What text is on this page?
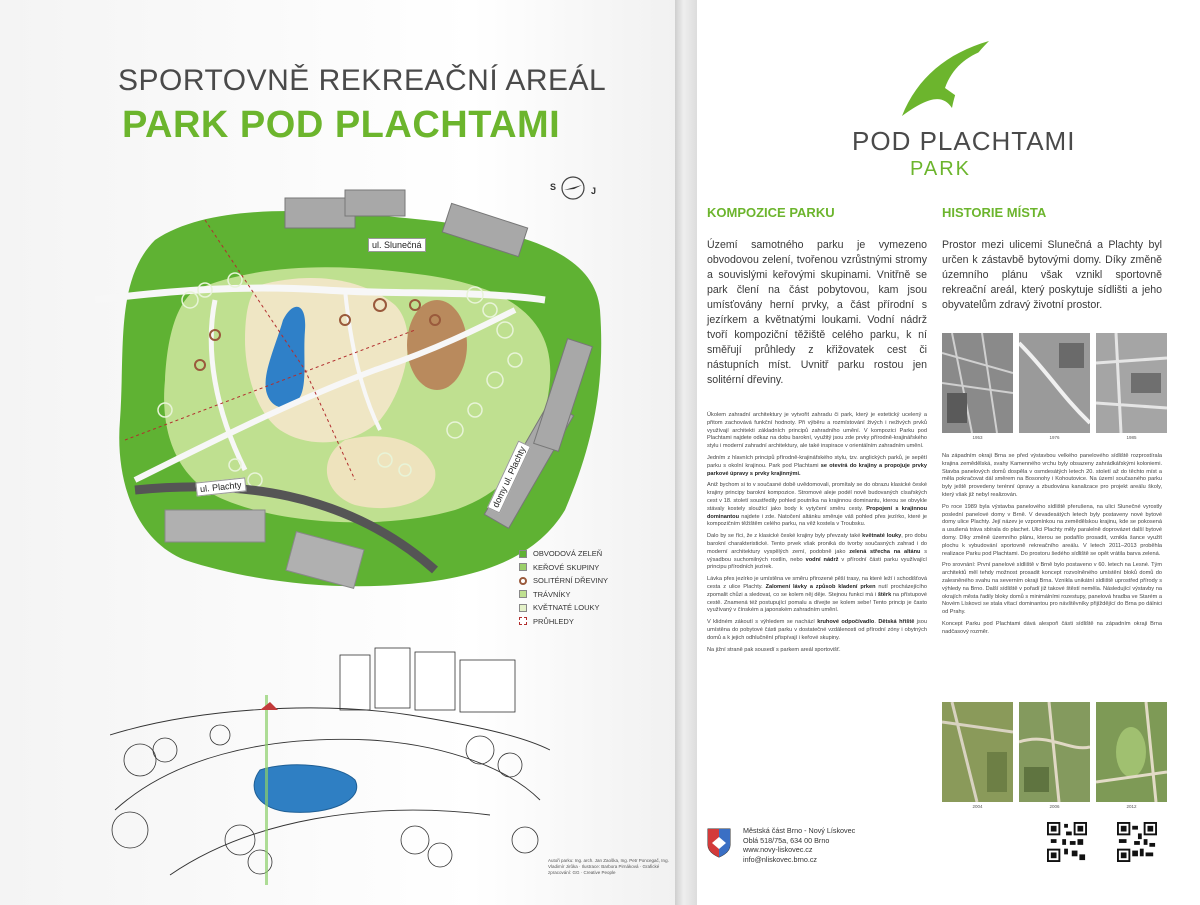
SPORTOVNĚ REKREAČNÍ AREÁL
PARK POD PLACHTAMI
S	J
ul. Slunečná
ul. Plachty	domy ul. Plachty
OBVODOVÁ ZELEŇ
KEŘOVÉ SKUPINY
SOLITÉRNÍ DŘEVINY
TRÁVNÍKY
KVĚTNATÉ LOUKY
PRŮHLEDY
Autoři parku: Ing. arch. Jan Zaoška, Ing. Petr Poncegač, Ing. Vladimír Jirůka · Ilustrace: Barbora Pirnáková · Grafické zpracování: GG · Creative People
POD PLACHTAMI
PARK
KOMPOZICE PARKU	HISTORIE MÍSTA
Území samotného parku je vymezeno obvodovou zelení, tvořenou vzrůstnými stromy a souvislými keřovými skupinami. Vnitřně se park člení na část pobytovou, kam jsou umísťovány herní prvky, a část přírodní s jezírkem a květnatými loukami. Vodní nádrž tvoří kompoziční těžiště celého parku, k ní směřují průhledy z křižovatek cest či nástupních míst. Uvnitř parku rostou jen solitérní dřeviny.
Prostor mezi ulicemi Slunečná a Plachty byl určen k zástavbě bytovými domy. Díky změně územního plánu však vznikl sportovně rekreační areál, který poskytuje sídlišti a jeho obyvatelům zdravý životní prostor.

Úkolem zahradní architektury je vytvořit zahradu či park, který je estetický ucelený a přitom zachovává funkční hodnoty. Při výběru a rozmístování živých i neživých prvků využívají architekti základních principů zahradního umění. V kompozici Parku pod Plachtami najdete odkaz na dobu barokní, využitý jsou zde prvky přírodně-krajinářského stylu i moderní zahradní architektury, ale také inspirace v orientálním zahradním umění.

Jedním z hlavních principů přírodně-krajinářského stylu, tzv. anglických parků, je sepětí parku s okolní krajinou. Park pod Plachtami se otevírá do krajiny a propojuje prvky parkové úpravy s prvky krajinnými.

Aniž bychom si to v současné době uvědomovali, promítaly se do obrazu klasické české krajiny principy barokní kompozice. Stromové aleje podél nově budovaných císařských cest v 18. století soustředily pohled poutníka na krajinnou dominantu, kterou se obvykle stávaly kostely sloužící jako body k vytyčení směru cesty. Propojení s krajinnou dominantou najdete i zde. Natočení altánku směruje váš pohled přes jezírko, které je kompozičním těžištěm celého parku, na věž kostela v Troubsku.

Dalo by se říci, že z klasické české krajiny byly převzaty také květnaté louky, pro dobu barokní charakteristické. Tento prvek však proniká do tvorby současných zahrad i do moderní architektury vyspělých zemí, podobně jako zelená střecha na altánu s výsadbou suchomilných rostlin, nebo vodní nádrž v přírodní části parku využívající principu přírodních jezírek.

Lávka přes jezírko je umístěna ve směru přirozené pěší trasy, na které leží i schodišťová cesta z ulice Plachty. Zalomení lávky a způsob kladení prken nutí procházejícího zpomalit chůzi a sledovat, co se kolem něj děje. Stejnou funkci má i štěrk na přístupové cestě. Znamená též postupující pomalu a dívejte se kolem sebe! Tento princip je často využívaný v čínském a japonském zahradním umění.

V klidném zákoutí s výhledem se nachází kruhové odpočívadlo. Dětská hřiště jsou umístěna do pobytové části parku v dostatečné vzdálenosti od přírodní zóny i obytných domů a k jejich odhlučnění přispívají i keřové skupiny.

Na jižní straně pak sousedí s parkem areál sportovišť.

1953	1976	1985

Na západním okraji Brna se před výstavbou velkého panelového sídliště rozprostírala krajina zemědělská, svahy Kamenného vrchu byly obsazeny zahrádkářskými koloniemi. Stavba panelových domů dospěla v osmdesátých letech 20. století až do těchto míst a měla pokračovat dál směrem na Bosonohy i Kohoutovice. Na území současného parku byly ještě provedeny terénní úpravy a zbudována kanalizace pro projekt areálu školy, který však již nebyl realizován.

Po roce 1989 byla výstavba panelového sídliště přerušena, na ulici Slunečné vyrostly poslední panelové domy v Brně. V devadesátých letech byly postaveny nové bytové domy ulice Plachty. Její název je vzpomínkou na zemědělskou krajinu, kde se pokosená a usušená tráva sbírala do plachet. Ulici Plachty měly paralelně doprovázet další bytové domy. Díky změně územního plánu, kterou se podařilo prosadit, vznikla šance využít plochu k vybudování sportovně rekreačního areálu. V letech 2011–2013 proběhla realizace Parku pod Plachtami. Do prostoru šedého sídliště se opět vrátila barva zelená.

Pro srovnání: První panelové sídliště v Brně bylo postaveno v 60. letech na Lesné. Tým architektů měl tehdy možnost prosadit koncept rozvolněného umístění bloků domů do zalesněného svahu na severním okraji Brna. Vznikla unikátní sídliště uprostřed přírody s výhledy na Brno. Další sídliště v pořadí již takové štěstí neměla. Následující výstavby na okrajích města řadily bloky domů s minimálními rozestupy, panelová hradba ve Starém a Novém Lískovci se stala vítací dominantou pro návštěvníky přijíždějící do Brna po dálnici od Prahy.

Koncept Parku pod Plachtami dává alespoň části sídliště na západním okraji Brna nadčasový rozměr.

2004	2006	2012
Městská část Brno - Nový Lískovec
Oblá 518/75a, 634 00 Brno
www.novy-liskovec.cz
info@nliskovec.brno.cz
